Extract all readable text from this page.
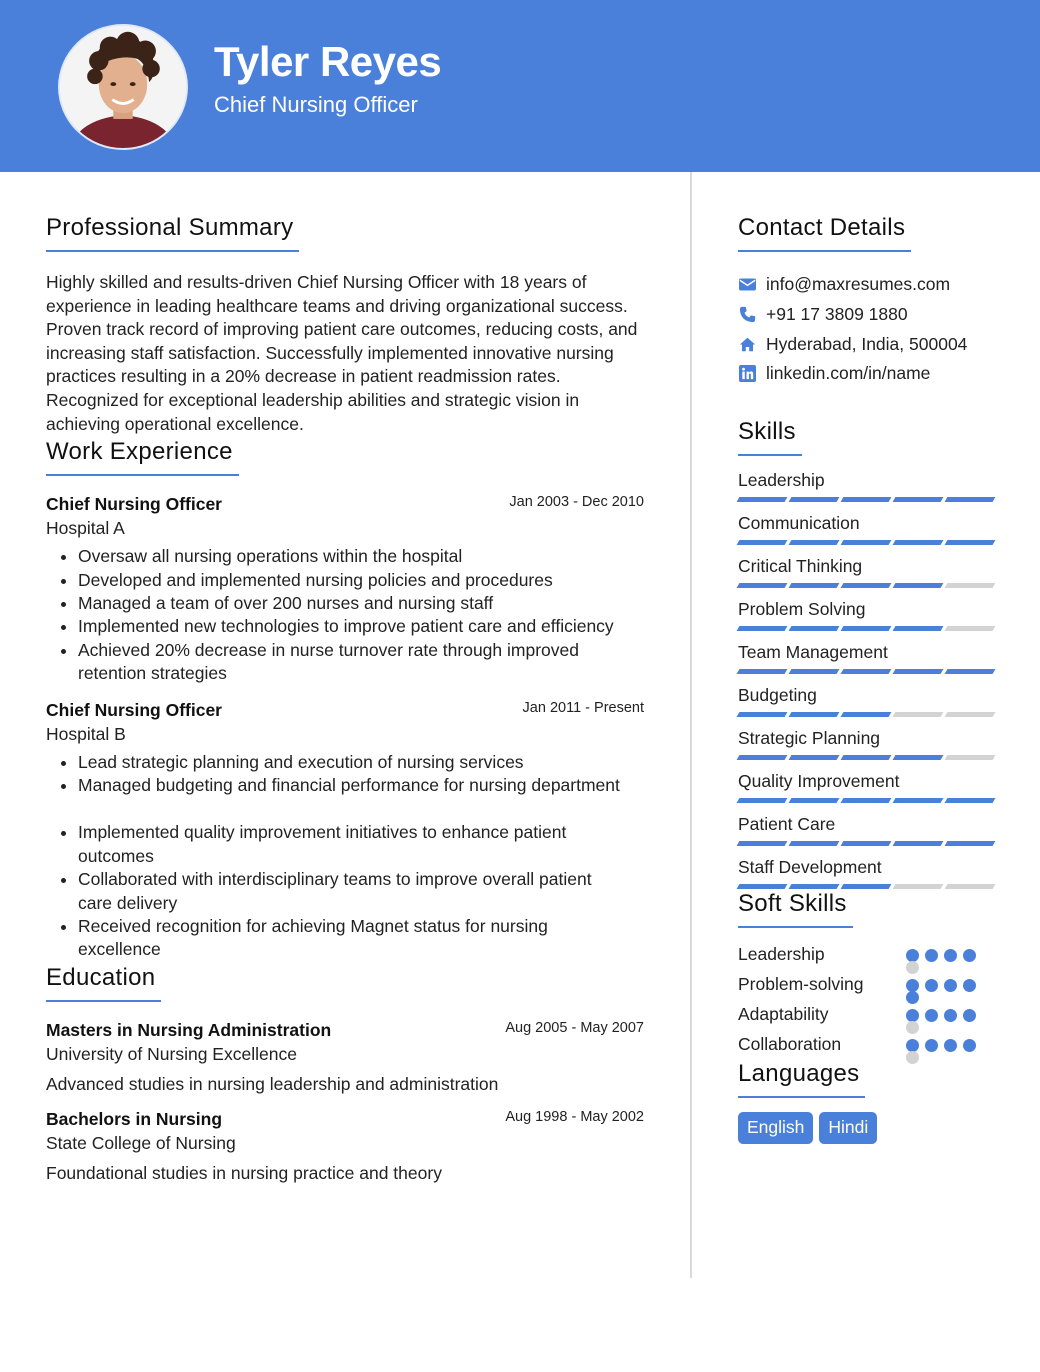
Tyler Reyes
Chief Nursing Officer
Professional Summary

Highly skilled and results-driven Chief Nursing Officer with 18 years of experience in leading healthcare teams and driving organizational success. Proven track record of improving patient care outcomes, reducing costs, and increasing staff satisfaction. Successfully implemented innovative nursing practices resulting in a 20% decrease in patient readmission rates. Recognized for exceptional leadership abilities and strategic vision in achieving operational excellence.

Work Experience
Chief Nursing Officer	Jan 2003 - Dec 2010
Hospital A
• Oversaw all nursing operations within the hospital
• Developed and implemented nursing policies and procedures
• Managed a team of over 200 nurses and nursing staff
• Implemented new technologies to improve patient care and efficiency
• Achieved 20% decrease in nurse turnover rate through improved retention strategies
Chief Nursing Officer	Jan 2011 - Present
Hospital B
• Lead strategic planning and execution of nursing services
• Managed budgeting and financial performance for nursing department
• Implemented quality improvement initiatives to enhance patient outcomes
• Collaborated with interdisciplinary teams to improve overall patient care delivery
• Received recognition for achieving Magnet status for nursing excellence
Education
Masters in Nursing Administration	Aug 2005 - May 2007
University of Nursing Excellence
Advanced studies in nursing leadership and administration
Bachelors in Nursing	Aug 1998 - May 2002
State College of Nursing
Foundational studies in nursing practice and theory
Contact Details
info@maxresumes.com
+91 17 3809 1880
Hyderabad, India, 500004
linkedin.com/in/name
Skills
Leadership
Communication
Critical Thinking
Problem Solving
Team Management
Budgeting
Strategic Planning
Quality Improvement
Patient Care
Staff Development
Soft Skills
Leadership
Problem-solving
Adaptability
Collaboration
Languages
English	Hindi
